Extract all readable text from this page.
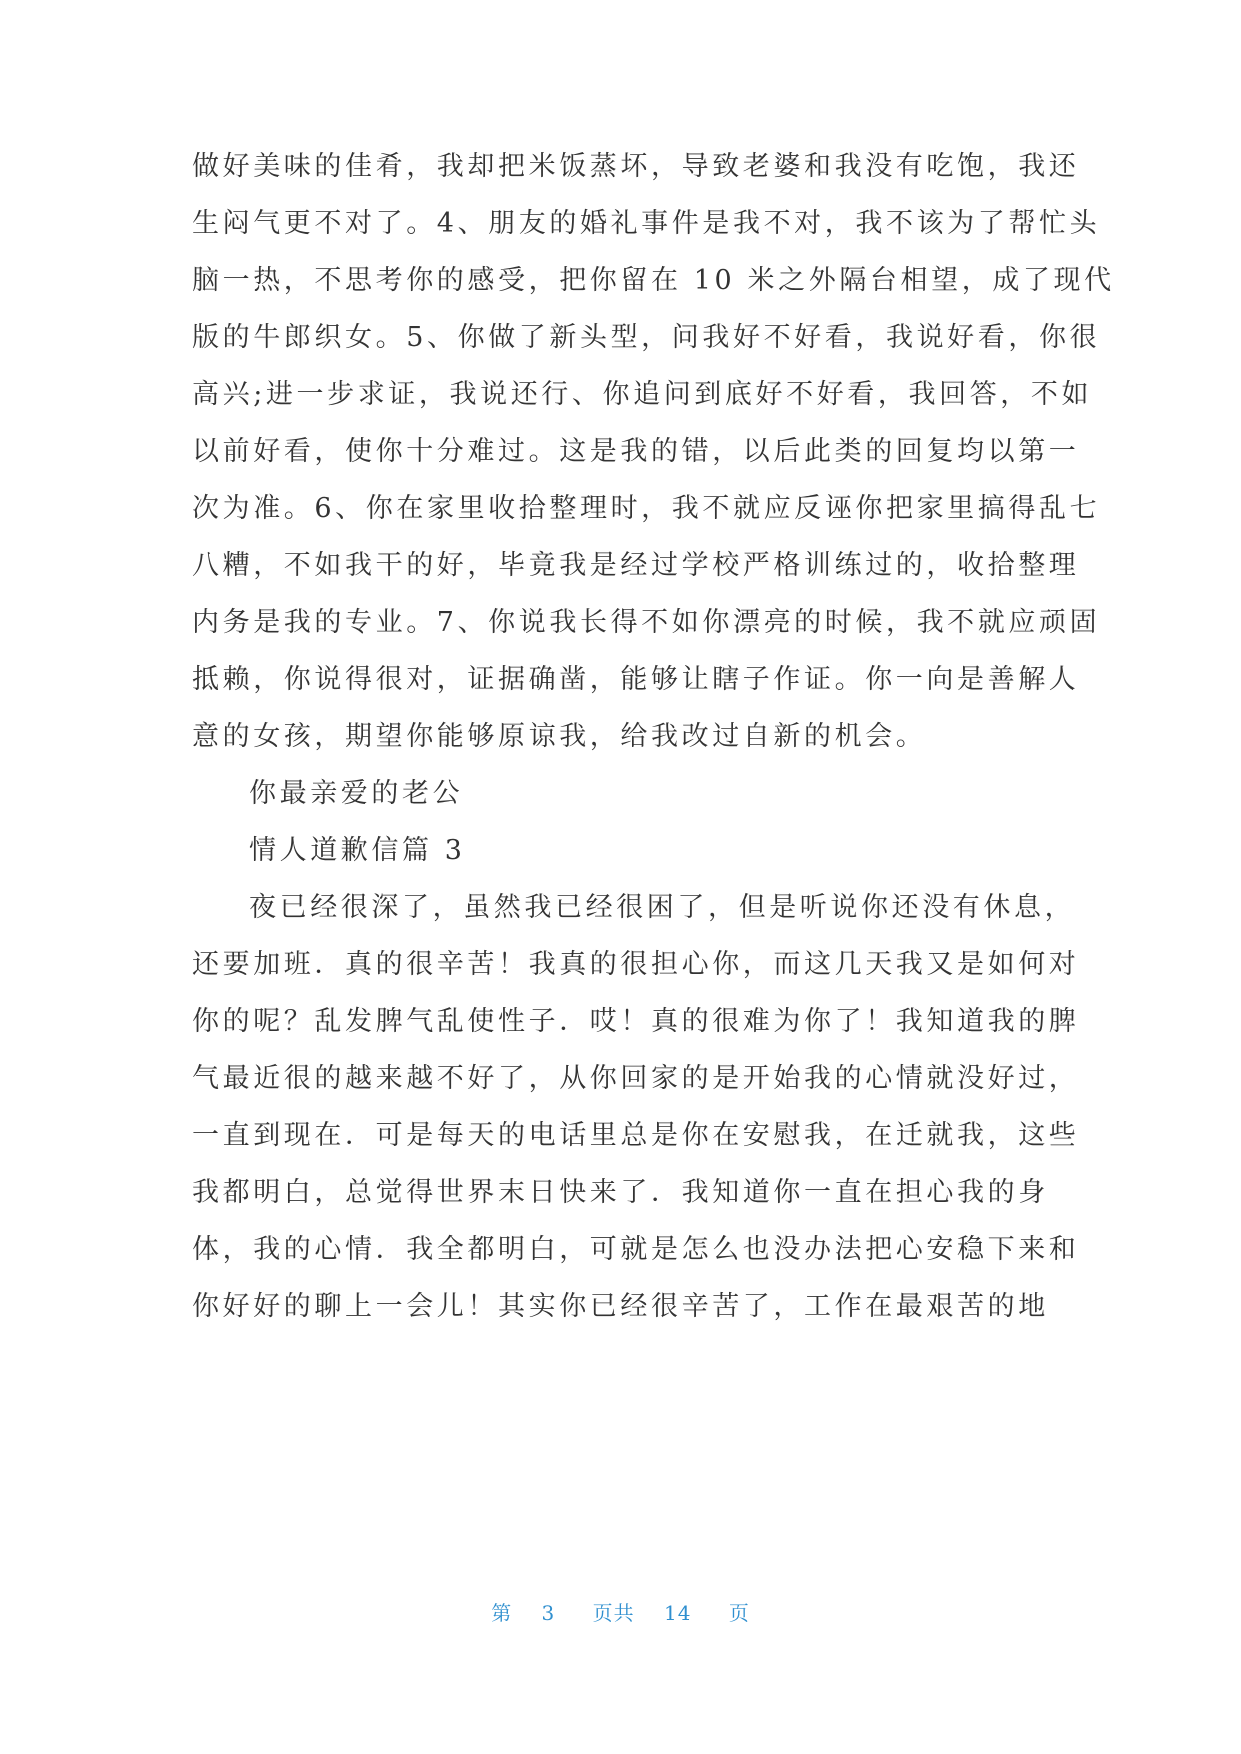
做好美味的佳肴，我却把米饭蒸坏，导致老婆和我没有吃饱，我还
生闷气更不对了。4、朋友的婚礼事件是我不对，我不该为了帮忙头
脑一热，不思考你的感受，把你留在 10 米之外隔台相望，成了现代
版的牛郎织女。5、你做了新头型，问我好不好看，我说好看，你很
高兴;进一步求证，我说还行、你追问到底好不好看，我回答，不如
以前好看，使你十分难过。这是我的错，以后此类的回复均以第一
次为准。6、你在家里收拾整理时，我不就应反诬你把家里搞得乱七
八糟，不如我干的好，毕竟我是经过学校严格训练过的，收拾整理
内务是我的专业。7、你说我长得不如你漂亮的时候，我不就应顽固
抵赖，你说得很对，证据确凿，能够让瞎子作证。你一向是善解人
意的女孩，期望你能够原谅我，给我改过自新的机会。
你最亲爱的老公
情人道歉信篇 3
夜已经很深了，虽然我已经很困了，但是听说你还没有休息，
还要加班．真的很辛苦！我真的很担心你，而这几天我又是如何对
你的呢？乱发脾气乱使性子．哎！真的很难为你了！我知道我的脾
气最近很的越来越不好了，从你回家的是开始我的心情就没好过，
一直到现在．可是每天的电话里总是你在安慰我，在迁就我，这些
我都明白，总觉得世界末日快来了．我知道你一直在担心我的身
体，我的心情．我全都明白，可就是怎么也没办法把心安稳下来和
你好好的聊上一会儿！其实你已经很辛苦了，工作在最艰苦的地
第 3 页共 14 页
